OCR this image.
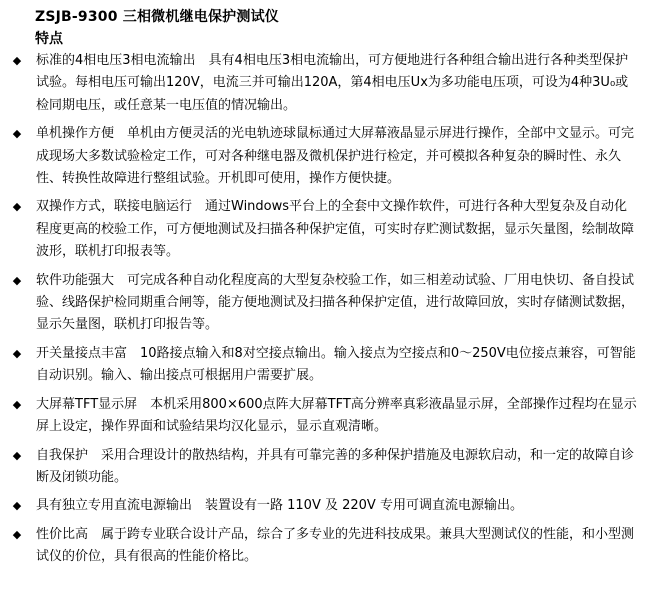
ZSJB-9300 三相微机继电保护测试仪
特点
◆ 标准的4相电压3相电流输出　具有4相电压3相电流输出，可方便地进行各种组合输出进行各种类型保护试验。每相电压可输出120V，电流三并可输出120A，第4相电压Ux为多功能电压项，可设为4种3U₀或检同期电压，或任意某一电压值的情况输出。
◆ 单机操作方便　单机由方便灵活的光电轨迹球鼠标通过大屏幕液晶显示屏进行操作，全部中文显示。可完成现场大多数试验检定工作，可对各种继电器及微机保护进行检定，并可模拟各种复杂的瞬时性、永久性、转换性故障进行整组试验。开机即可使用，操作方便快捷。
◆ 双操作方式，联接电脑运行　通过Windows平台上的全套中文操作软件，可进行各种大型复杂及自动化程度更高的校验工作，可方便地测试及扫描各种保护定值，可实时存贮测试数据，显示矢量图，绘制故障波形，联机打印报表等。
◆ 软件功能强大　可完成各种自动化程度高的大型复杂校验工作，如三相差动试验、厂用电快切、备自投试验、线路保护检同期重合闸等，能方便地测试及扫描各种保护定值，进行故障回放，实时存储测试数据，显示矢量图，联机打印报告等。
◆ 开关量接点丰富　10路接点输入和8对空接点输出。输入接点为空接点和0～250V电位接点兼容，可智能自动识别。输入、输出接点可根据用户需要扩展。
◆ 大屏幕TFT显示屏　本机采用800×600点阵大屏幕TFT高分辨率真彩液晶显示屏，全部操作过程均在显示屏上设定，操作界面和试验结果均汉化显示，显示直观清晰。
◆ 自我保护　采用合理设计的散热结构，并具有可靠完善的多种保护措施及电源软启动，和一定的故障自诊断及闭锁功能。
◆ 具有独立专用直流电源输出　装置设有一路 110V 及 220V 专用可调直流电源输出。
◆ 性价比高　属于跨专业联合设计产品，综合了多专业的先进科技成果。兼具大型测试仪的性能，和小型测试仪的价位，具有很高的性能价格比。
